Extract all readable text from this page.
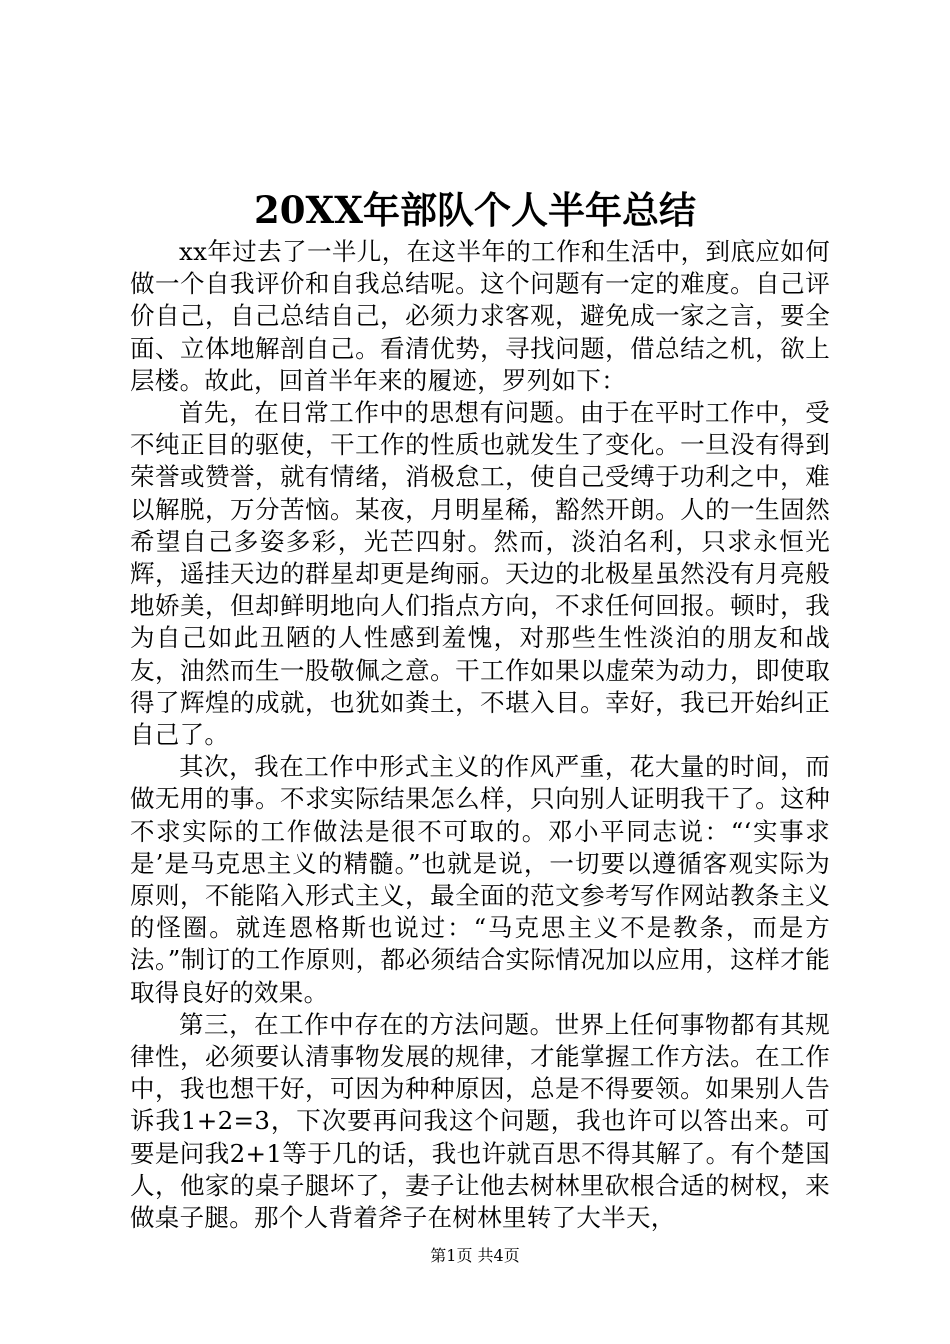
20XX年部队个人半年总结

xx年过去了一半儿，在这半年的工作和生活中，到底应如何做一个自我评价和自我总结呢。这个问题有一定的难度。自己评价自己，自己总结自己，必须力求客观，避免成一家之言，要全面、立体地解剖自己。看清优势，寻找问题，借总结之机，欲上层楼。故此，回首半年来的履迹，罗列如下：

首先，在日常工作中的思想有问题。由于在平时工作中，受不纯正目的驱使，干工作的性质也就发生了变化。一旦没有得到荣誉或赞誉，就有情绪，消极怠工，使自己受缚于功利之中，难以解脱，万分苦恼。某夜，月明星稀，豁然开朗。人的一生固然希望自己多姿多彩，光芒四射。然而，淡泊名利，只求永恒光辉，遥挂天边的群星却更是绚丽。天边的北极星虽然没有月亮般地娇美，但却鲜明地向人们指点方向，不求任何回报。顿时，我为自己如此丑陋的人性感到羞愧，对那些生性淡泊的朋友和战友，油然而生一股敬佩之意。干工作如果以虚荣为动力，即使取得了辉煌的成就，也犹如粪土，不堪入目。幸好，我已开始纠正自己了。

其次，我在工作中形式主义的作风严重，花大量的时间，而做无用的事。不求实际结果怎么样，只向别人证明我干了。这种不求实际的工作做法是很不可取的。邓小平同志说：“‘实事求是’是马克思主义的精髓。”也就是说，一切要以遵循客观实际为原则，不能陷入形式主义，最全面的范文参考写作网站教条主义的怪圈。就连恩格斯也说过：“马克思主义不是教条，而是方法。”制订的工作原则，都必须结合实际情况加以应用，这样才能取得良好的效果。

第三，在工作中存在的方法问题。世界上任何事物都有其规律性，必须要认清事物发展的规律，才能掌握工作方法。在工作中，我也想干好，可因为种种原因，总是不得要领。如果别人告诉我1+2=3，下次要再问我这个问题，我也许可以答出来。可要是问我2+1等于几的话，我也许就百思不得其解了。有个楚国人，他家的桌子腿坏了，妻子让他去树林里砍根合适的树杈，来做桌子腿。那个人背着斧子在树林里转了大半天，

第1页 共4页
